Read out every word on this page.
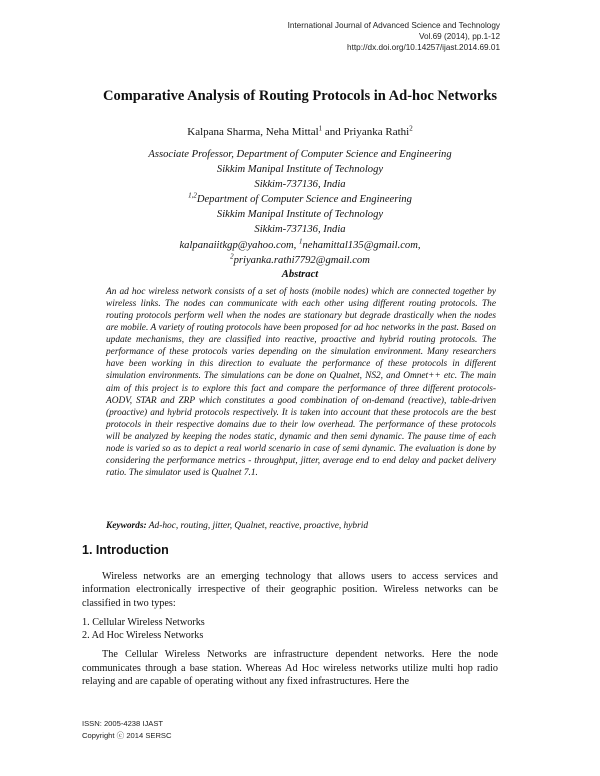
International Journal of Advanced Science and Technology
Vol.69 (2014), pp.1-12
http://dx.doi.org/10.14257/ijast.2014.69.01
Comparative Analysis of Routing Protocols in Ad-hoc Networks
Kalpana Sharma, Neha Mittal$^1$ and Priyanka Rathi$^2$
Associate Professor, Department of Computer Science and Engineering
Sikkim Manipal Institute of Technology
Sikkim-737136, India
$^{1,2}$Department of Computer Science and Engineering
Sikkim Manipal Institute of Technology
Sikkim-737136, India
kalpanaiitkgp@yahoo.com, $^1$nehamittal135@gmail.com,
$^2$priyanka.rathi7792@gmail.com
Abstract

An ad hoc wireless network consists of a set of hosts (mobile nodes) which are connected together by wireless links. The nodes can communicate with each other using different routing protocols. The routing protocols perform well when the nodes are stationary but degrade drastically when the nodes are mobile. A variety of routing protocols have been proposed for ad hoc networks in the past. Based on update mechanisms, they are classified into reactive, proactive and hybrid routing protocols. The performance of these protocols varies depending on the simulation environment. Many researchers have been working in this direction to evaluate the performance of these protocols in different simulation environments. The simulations can be done on Qualnet, NS2, and Omnet++ etc. The main aim of this project is to explore this fact and compare the performance of three different protocols-AODV, STAR and ZRP which constitutes a good combination of on-demand (reactive), table-driven (proactive) and hybrid protocols respectively. It is taken into account that these protocols are the best protocols in their respective domains due to their low overhead. The performance of these protocols will be analyzed by keeping the nodes static, dynamic and then semi dynamic. The pause time of each node is varied so as to depict a real world scenario in case of semi dynamic. The evaluation is done by considering the performance metrics - throughput, jitter, average end to end delay and packet delivery ratio. The simulator used is Qualnet 7.1.

Keywords: Ad-hoc, routing, jitter, Qualnet, reactive, proactive, hybrid
1. Introduction

Wireless networks are an emerging technology that allows users to access services and information electronically irrespective of their geographic position. Wireless networks can be classified in two types:

1. Cellular Wireless Networks
2. Ad Hoc Wireless Networks

The Cellular Wireless Networks are infrastructure dependent networks. Here the node communicates through a base station. Whereas Ad Hoc wireless networks utilize multi hop radio relaying and are capable of operating without any fixed infrastructures. Here the

ISSN: 2005-4238 IJAST
Copyright ⓒ 2014 SERSC
